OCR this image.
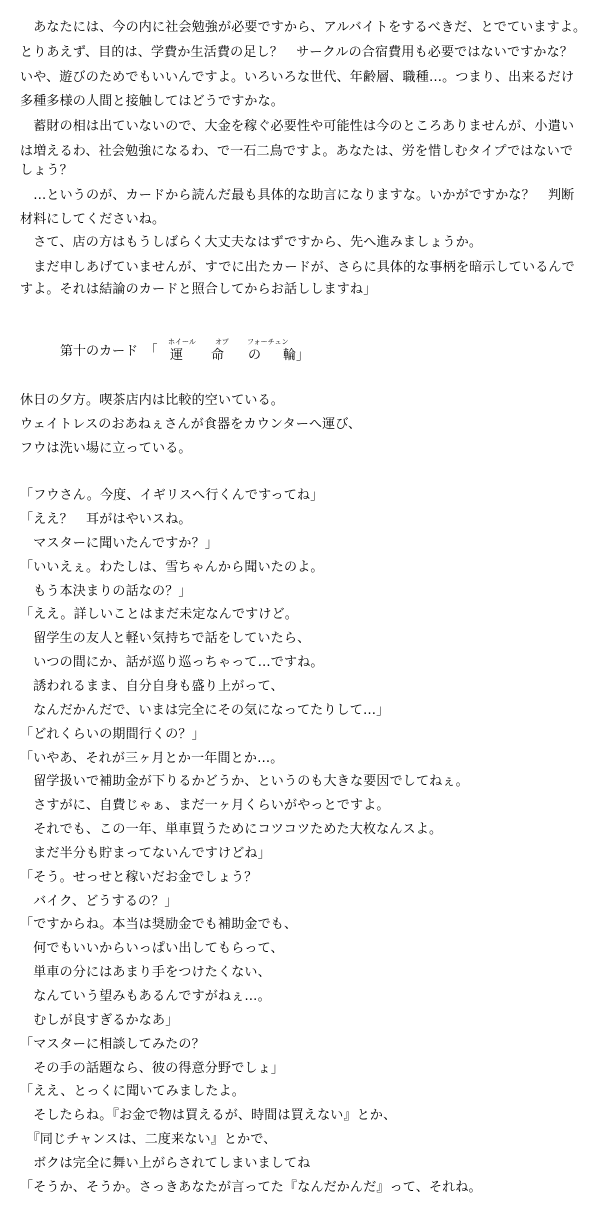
　あなたには、今の内に社会勉強が必要ですから、アルバイトをするべきだ、とでていますよ。
とりあえず、目的は、学費か生活費の足し？　サークルの合宿費用も必要ではないですかな？
いや、遊びのためでもいいんですよ。いろいろな世代、年齢層、職種…。つまり、出来るだけ
多種多様の人間と接触してはどうですかな。
　蓄財の相は出ていないので、大金を稼ぐ必要性や可能性は今のところありませんが、小遣い
は増えるわ、社会勉強になるわ、で一石二鳥ですよ。あなたは、労を惜しむタイプではないで
しょう？
　…というのが、カードから読んだ最も具体的な助言になりますな。いかがですかな？　判断
材料にしてくださいね。
　さて、店の方はもうしばらく大丈夫なはずですから、先へ進みましょうか。
　まだ申しあげていませんが、すでに出たカードが、さらに具体的な事柄を暗示しているんで
すよ。それは結論のカードと照合してからお話ししますね」
第十のカード　「
ホイール	オブ	フォーチュン
運 命 の 輪 」
休日の夕方。喫茶店内は比較的空いている。
ウェイトレスのおあねぇさんが食器をカウンターへ運び、
フウは洗い場に立っている。
「フウさん。今度、イギリスへ行くんですってね」
「ええ？　耳がはやいスね。
　マスターに聞いたんですか？」
「いいえぇ。わたしは、雪ちゃんから聞いたのよ。
　もう本決まりの話なの？」
「ええ。詳しいことはまだ未定なんですけど。
　留学生の友人と軽い気持ちで話をしていたら、
　いつの間にか、話が巡り巡っちゃって…ですね。
　誘われるまま、自分自身も盛り上がって、
　なんだかんだで、いまは完全にその気になってたりして…」
「どれくらいの期間行くの？」
「いやあ、それが三ヶ月とか一年間とか…。
　留学扱いで補助金が下りるかどうか、というのも大きな要因でしてねぇ。
　さすがに、自費じゃぁ、まだ一ヶ月くらいがやっとですよ。
　それでも、この一年、単車買うためにコツコツためた大枚なんスよ。
　まだ半分も貯まってないんですけどね」
「そう。せっせと稼いだお金でしょう？
　バイク、どうするの？」
「ですからね。本当は奨励金でも補助金でも、
　何でもいいからいっぱい出してもらって、
　単車の分にはあまり手をつけたくない、
　なんていう望みもあるんですがねぇ…。
　むしが良すぎるかなあ」
「マスターに相談してみたの？
　その手の話題なら、彼の得意分野でしょ」
「ええ、とっくに聞いてみましたよ。
　そしたらね。『お金で物は買えるが、時間は買えない』とか、
　『同じチャンスは、二度来ない』とかで、
　ボクは完全に舞い上がらされてしまいましてね
「そうか、そうか。さっきあなたが言ってた『なんだかんだ』って、それね。
